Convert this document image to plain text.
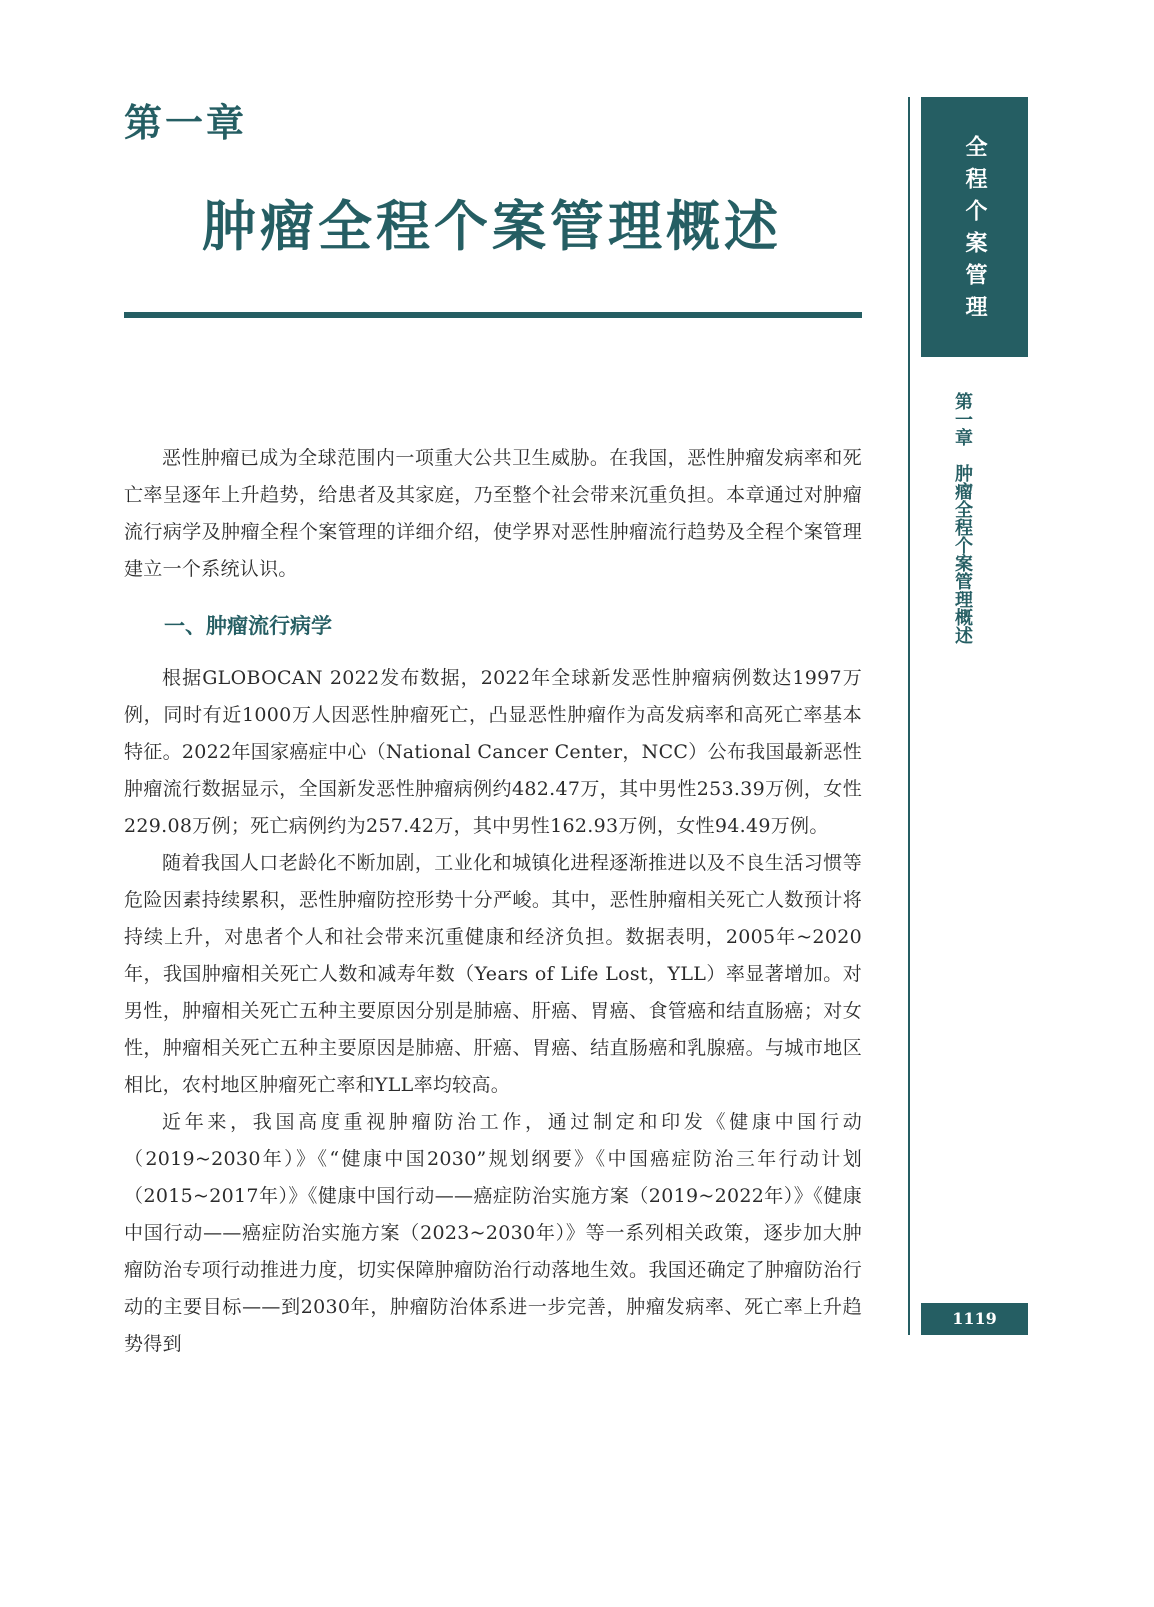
第一章
肿瘤全程个案管理概述

恶性肿瘤已成为全球范围内一项重大公共卫生威胁。在我国，恶性肿瘤发病率和死亡率呈逐年上升趋势，给患者及其家庭，乃至整个社会带来沉重负担。本章通过对肿瘤流行病学及肿瘤全程个案管理的详细介绍，使学界对恶性肿瘤流行趋势及全程个案管理建立一个系统认识。

一、肿瘤流行病学

根据GLOBOCAN 2022发布数据，2022年全球新发恶性肿瘤病例数达1997万例，同时有近1000万人因恶性肿瘤死亡，凸显恶性肿瘤作为高发病率和高死亡率基本特征。2022年国家癌症中心（National Cancer Center，NCC）公布我国最新恶性肿瘤流行数据显示，全国新发恶性肿瘤病例约482.47万，其中男性253.39万例，女性229.08万例；死亡病例约为257.42万，其中男性162.93万例，女性94.49万例。

随着我国人口老龄化不断加剧，工业化和城镇化进程逐渐推进以及不良生活习惯等危险因素持续累积，恶性肿瘤防控形势十分严峻。其中，恶性肿瘤相关死亡人数预计将持续上升，对患者个人和社会带来沉重健康和经济负担。数据表明，2005年~2020年，我国肿瘤相关死亡人数和减寿年数（Years of Life Lost，YLL）率显著增加。对男性，肿瘤相关死亡五种主要原因分别是肺癌、肝癌、胃癌、食管癌和结直肠癌；对女性，肿瘤相关死亡五种主要原因是肺癌、肝癌、胃癌、结直肠癌和乳腺癌。与城市地区相比，农村地区肿瘤死亡率和YLL率均较高。

近年来，我国高度重视肿瘤防治工作，通过制定和印发《健康中国行动（2019~2030年）》《“健康中国2030”规划纲要》《中国癌症防治三年行动计划（2015~2017年）》《健康中国行动——癌症防治实施方案（2019~2022年）》《健康中国行动——癌症防治实施方案（2023~2030年）》等一系列相关政策，逐步加大肿瘤防治专项行动推进力度，切实保障肿瘤防治行动落地生效。我国还确定了肿瘤防治行动的主要目标——到2030年，肿瘤防治体系进一步完善，肿瘤发病率、死亡率上升趋势得到

全程个案管理
第一章　肿瘤全程个案管理概述
1119
